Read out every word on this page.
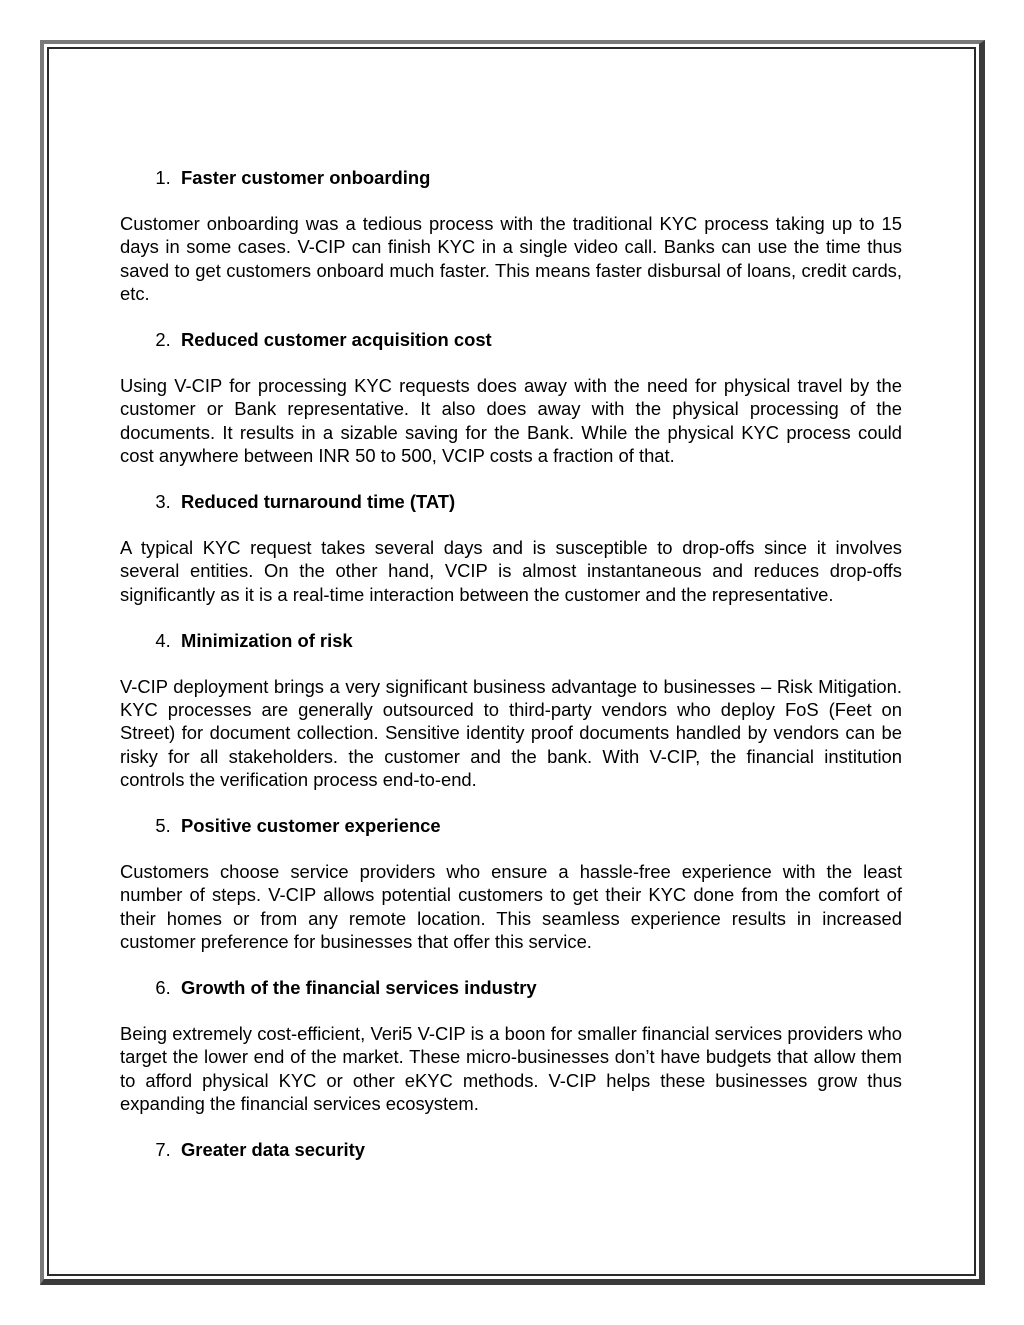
1.
Faster customer onboarding

Customer onboarding was a tedious process with the traditional KYC process taking up to 15 days in some cases. V-CIP can finish KYC in a single video call. Banks can use the time thus saved to get customers onboard much faster. This means faster disbursal of loans, credit cards, etc.

2.
Reduced customer acquisition cost

Using V-CIP for processing KYC requests does away with the need for physical travel by the customer or Bank representative. It also does away with the physical processing of the documents. It results in a sizable saving for the Bank. While the physical KYC process could cost anywhere between INR 50 to 500, VCIP costs a fraction of that.

3.
Reduced turnaround time (TAT)

A typical KYC request takes several days and is susceptible to drop-offs since it involves several entities. On the other hand, VCIP is almost instantaneous and reduces drop-offs significantly as it is a real-time interaction between the customer and the representative.

4.
Minimization of risk

V-CIP deployment brings a very significant business advantage to businesses – Risk Mitigation. KYC processes are generally outsourced to third-party vendors who deploy FoS (Feet on Street) for document collection. Sensitive identity proof documents handled by vendors can be risky for all stakeholders. the customer and the bank. With V-CIP, the financial institution controls the verification process end-to-end.

5.
Positive customer experience

Customers choose service providers who ensure a hassle-free experience with the least number of steps. V-CIP allows potential customers to get their KYC done from the comfort of their homes or from any remote location. This seamless experience results in increased customer preference for businesses that offer this service.

6.
Growth of the financial services industry

Being extremely cost-efficient, Veri5 V-CIP is a boon for smaller financial services providers who target the lower end of the market. These micro-businesses don’t have budgets that allow them to afford physical KYC or other eKYC methods. V-CIP helps these businesses grow thus expanding the financial services ecosystem.

7.
Greater data security
